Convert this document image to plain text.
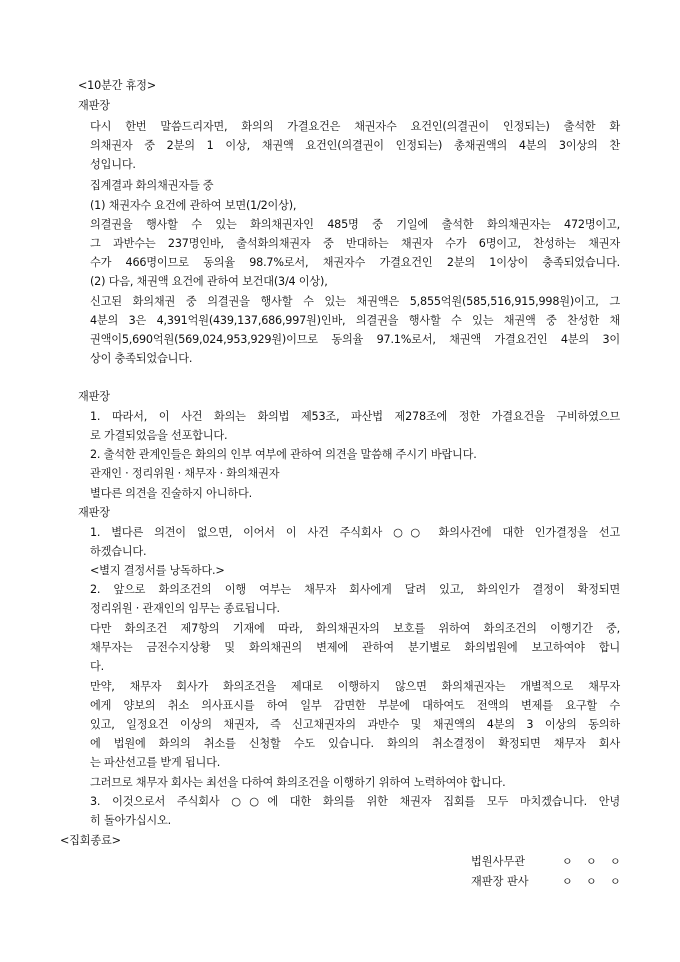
<10분간 휴정>
재판장
다시 한번 말씀드리자면, 화의의 가결요건은 채권자수 요건인(의결권이 인정되는) 출석한 화
의채권자 중 2분의 1 이상, 채권액 요건인(의결권이 인정되는) 총채권액의 4분의 3이상의 찬
성입니다.
집계결과 화의채권자들 중
(1) 채권자수 요건에 관하여 보면(1/2이상),
의결권을 행사할 수 있는 화의채권자인 485명 중 기일에 출석한 화의채권자는 472명이고,
그 과반수는 237명인바, 출석화의채권자 중 반대하는 채권자 수가 6명이고, 찬성하는 채권자
수가 466명이므로 동의율 98.7%로서, 채권자수 가결요건인 2분의 1이상이 충족되었습니다.
(2) 다음, 채권액 요건에 관하여 보건대(3/4 이상),
신고된 화의채권 중 의결권을 행사할 수 있는 채권액은 5,855억원(585,516,915,998원)이고, 그
4분의 3은 4,391억원(439,137,686,997원)인바, 의결권을 행사할 수 있는 채권액 중 찬성한 채
권액이5,690억원(569,024,953,929원)이므로 동의율 97.1%로서, 채권액 가결요건인 4분의 3이
상이 충족되었습니다.
재판장
1. 따라서, 이 사건 화의는 화의법 제53조, 파산법 제278조에 정한 가결요건을 구비하였으므
로 가결되었음을 선포합니다.
2. 출석한 관계인들은 화의의 인부 여부에 관하여 의견을 말씀해 주시기 바랍니다.
관재인 · 정리위원 · 채무자 · 화의채권자
별다른 의견을 진술하지 아니하다.
재판장
1. 별다른 의견이 없으면, 이어서 이 사건 주식회사 ○○ 화의사건에 대한 인가결정을 선고
하겠습니다.
<별지 결정서를 낭독하다.>
2. 앞으로 화의조건의 이행 여부는 채무자 회사에게 달려 있고, 화의인가 결정이 확정되면
정리위원 · 관재인의 임무는 종료됩니다.
다만 화의조건 제7항의 기재에 따라, 화의채권자의 보호를 위하여 화의조건의 이행기간 중,
채무자는 금전수지상황 및 화의채권의 변제에 관하여 분기별로 화의법원에 보고하여야 합니
다.
만약, 채무자 회사가 화의조건을 제대로 이행하지 않으면 화의채권자는 개별적으로 채무자
에게 양보의 취소 의사표시를 하여 일부 감면한 부분에 대하여도 전액의 변제를 요구할 수
있고, 일정요건 이상의 채권자, 즉 신고채권자의 과반수 및 채권액의 4분의 3 이상의 동의하
에 법원에 화의의 취소를 신청할 수도 있습니다. 화의의 취소결정이 확정되면 채무자 회사
는 파산선고를 받게 됩니다.
그러므로 채무자 회사는 최선을 다하여 화의조건을 이행하기 위하여 노력하여야 합니다.
3. 이것으로서 주식회사 ○○에 대한 화의를 위한 채권자 집회를 모두 마치겠습니다. 안녕
히 돌아가십시오.
<집회종료>
법원사무관	ㅇ ㅇ ㅇ
재판장 판사	ㅇ ㅇ ㅇ
